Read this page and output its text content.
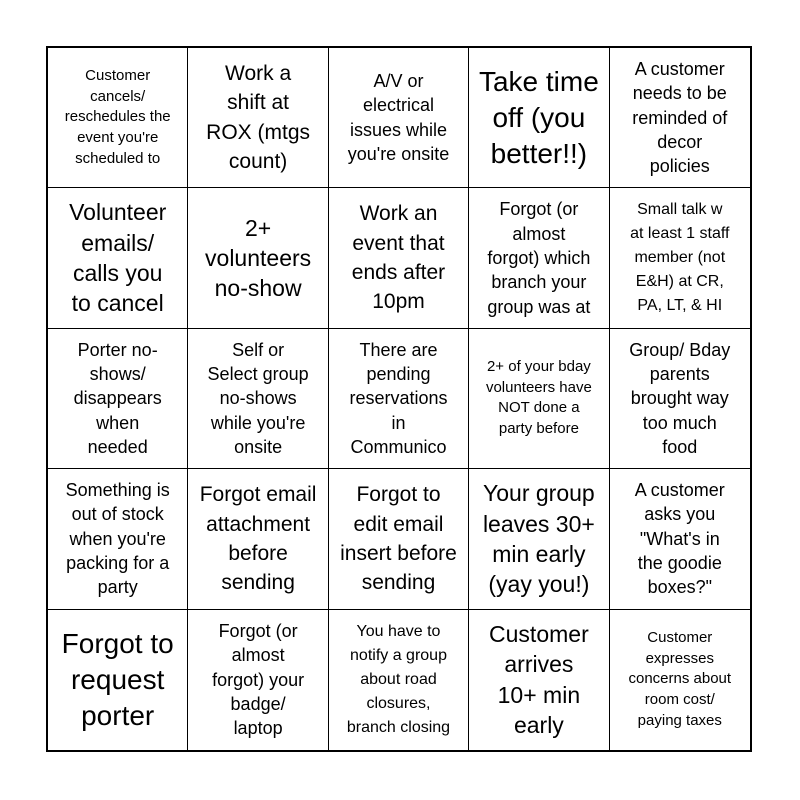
Customer
cancels/
reschedules the
event you're
scheduled to
Work a
shift at
ROX (mtgs
count)
A/V or
electrical
issues while
you're onsite
Take time
off (you
better!!)
A customer
needs to be
reminded of
decor
policies
Volunteer
emails/
calls you
to cancel
2+
volunteers
no-show
Work an
event that
ends after
10pm
Forgot (or
almost
forgot) which
branch your
group was at
Small talk w
at least 1 staff
member (not
E&H) at CR,
PA, LT, & HI
Porter no-
shows/
disappears
when
needed
Self or
Select group
no-shows
while you're
onsite
There are
pending
reservations
in
Communico
2+ of your bday
volunteers have
NOT done a
party before
Group/ Bday
parents
brought way
too much
food
Something is
out of stock
when you're
packing for a
party
Forgot email
attachment
before
sending
Forgot to
edit email
insert before
sending
Your group
leaves 30+
min early
(yay you!)
A customer
asks you
"What's in
the goodie
boxes?"
Forgot to
request
porter
Forgot (or
almost
forgot) your
badge/
laptop
You have to
notify a group
about road
closures,
branch closing
Customer
arrives
10+ min
early
Customer
expresses
concerns about
room cost/
paying taxes
